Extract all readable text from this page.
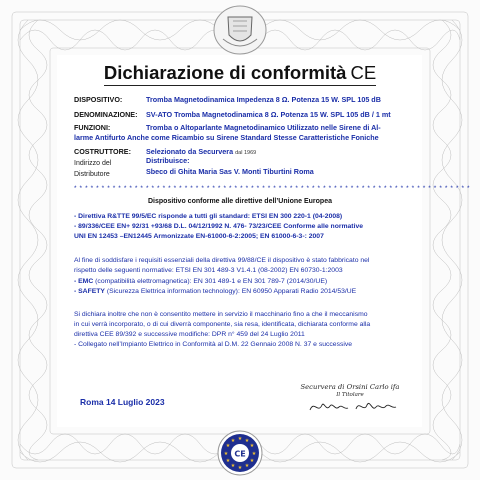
Dichiarazione di conformità CE
DISPOSITIVO:	Tromba Magnetodinamica Impedenza 8 Ω. Potenza 15 W. SPL 105 dB
DENOMINAZIONE: SV-ATO Tromba Magnetodinamica 8 Ω. Potenza 15 W. SPL 105 dB / 1 mt
FUNZIONI:	Tromba o Altoparlante Magnetodinamico Utilizzato nelle Sirene di Al-
larme Antifurto Anche come Ricambio su Sirene Standard Stesse Caratteristiche Foniche
COSTRUTTORE: Selezionato da Securvera dal 1969
Indirizzo del
Distributore
Distribuisce:
Sbeco di Ghita Maria Sas V. Monti Tiburtini Roma
* * * * * * * * * * * * * * * * * * * * * * * * * * * * * * * * * * * * * * * * * * * * * * * * * * * * * * * * * * * * * * * * * * * * * * * *
Dispositivo conforme alle direttive dell’Unione Europea
- Direttiva R&TTE 99/5/EC risponde a tutti gli standard: ETSI EN 300 220-1 (04-2008)
- 89/336/CEE EN+ 92/31 +93/68 D.L. 04/12/1992 N. 476- 73/23/CEE Conforme alle normative
UNI EN 12453 –EN12445 Armonizzate EN-61000-6-2:2005; EN 61000-6-3-: 2007
Al fine di soddisfare i requisiti essenziali della direttiva 99/88/CE il dispositivo è stato fabbricato nel
rispetto delle seguenti normative: ETSI EN 301 489-3 V1.4.1 (08-2002) EN 60730-1:2003
- EMC (compatibilità elettromagnetica): EN 301 489-1 e EN 301 789-7 (2014/30/UE)
- SAFETY (Sicurezza Elettrica information technology): EN 60950 Apparati Radio 2014/53/UE
Si dichiara inoltre che non è consentito mettere in servizio il macchinario fino a che il meccanismo
in cui verrà incorporato, o di cui diverrà componente, sia resa, identificata, dichiarata conforme alla
direttiva CEE 89/392 e successive modifiche: DPR n° 459 del 24 Luglio 2011
- Collegato nell’Impianto Elettrico in Conformità al D.M. 22 Gennaio 2008 N. 37 e successive
Roma 14 Luglio 2023
Securvera di Orsini Carlo ifa
Il Titolare
★ ★
★
★
★
★
★
★
★
★
★
★
CE
